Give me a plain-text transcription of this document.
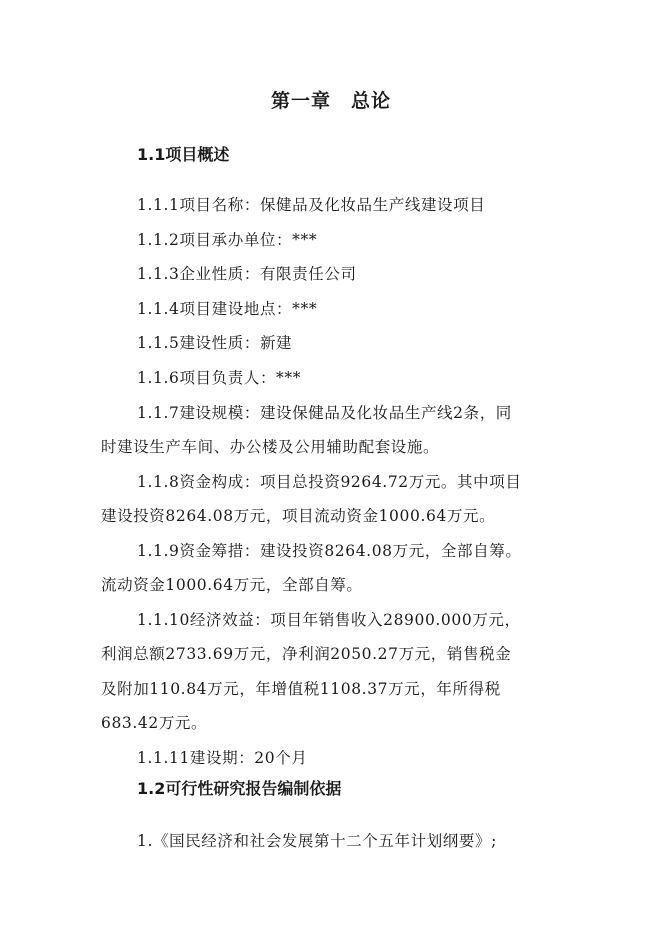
第一章　总论
1.1项目概述
1.1.1项目名称：保健品及化妆品生产线建设项目
1.1.2项目承办单位：***
1.1.3企业性质：有限责任公司
1.1.4项目建设地点：***
1.1.5建设性质：新建
1.1.6项目负责人：***
1.1.7建设规模：建设保健品及化妆品生产线2条，同
时建设生产车间、办公楼及公用辅助配套设施。
1.1.8资金构成：项目总投资9264.72万元。其中项目
建设投资8264.08万元，项目流动资金1000.64万元。
1.1.9资金筹措：建设投资8264.08万元，全部自筹。
流动资金1000.64万元，全部自筹。
1.1.10经济效益：项目年销售收入28900.000万元，
利润总额2733.69万元，净利润2050.27万元，销售税金
及附加110.84万元，年增值税1108.37万元，年所得税
683.42万元。
1.1.11建设期：20个月
1.2可行性研究报告编制依据
1.《国民经济和社会发展第十二个五年计划纲要》;
